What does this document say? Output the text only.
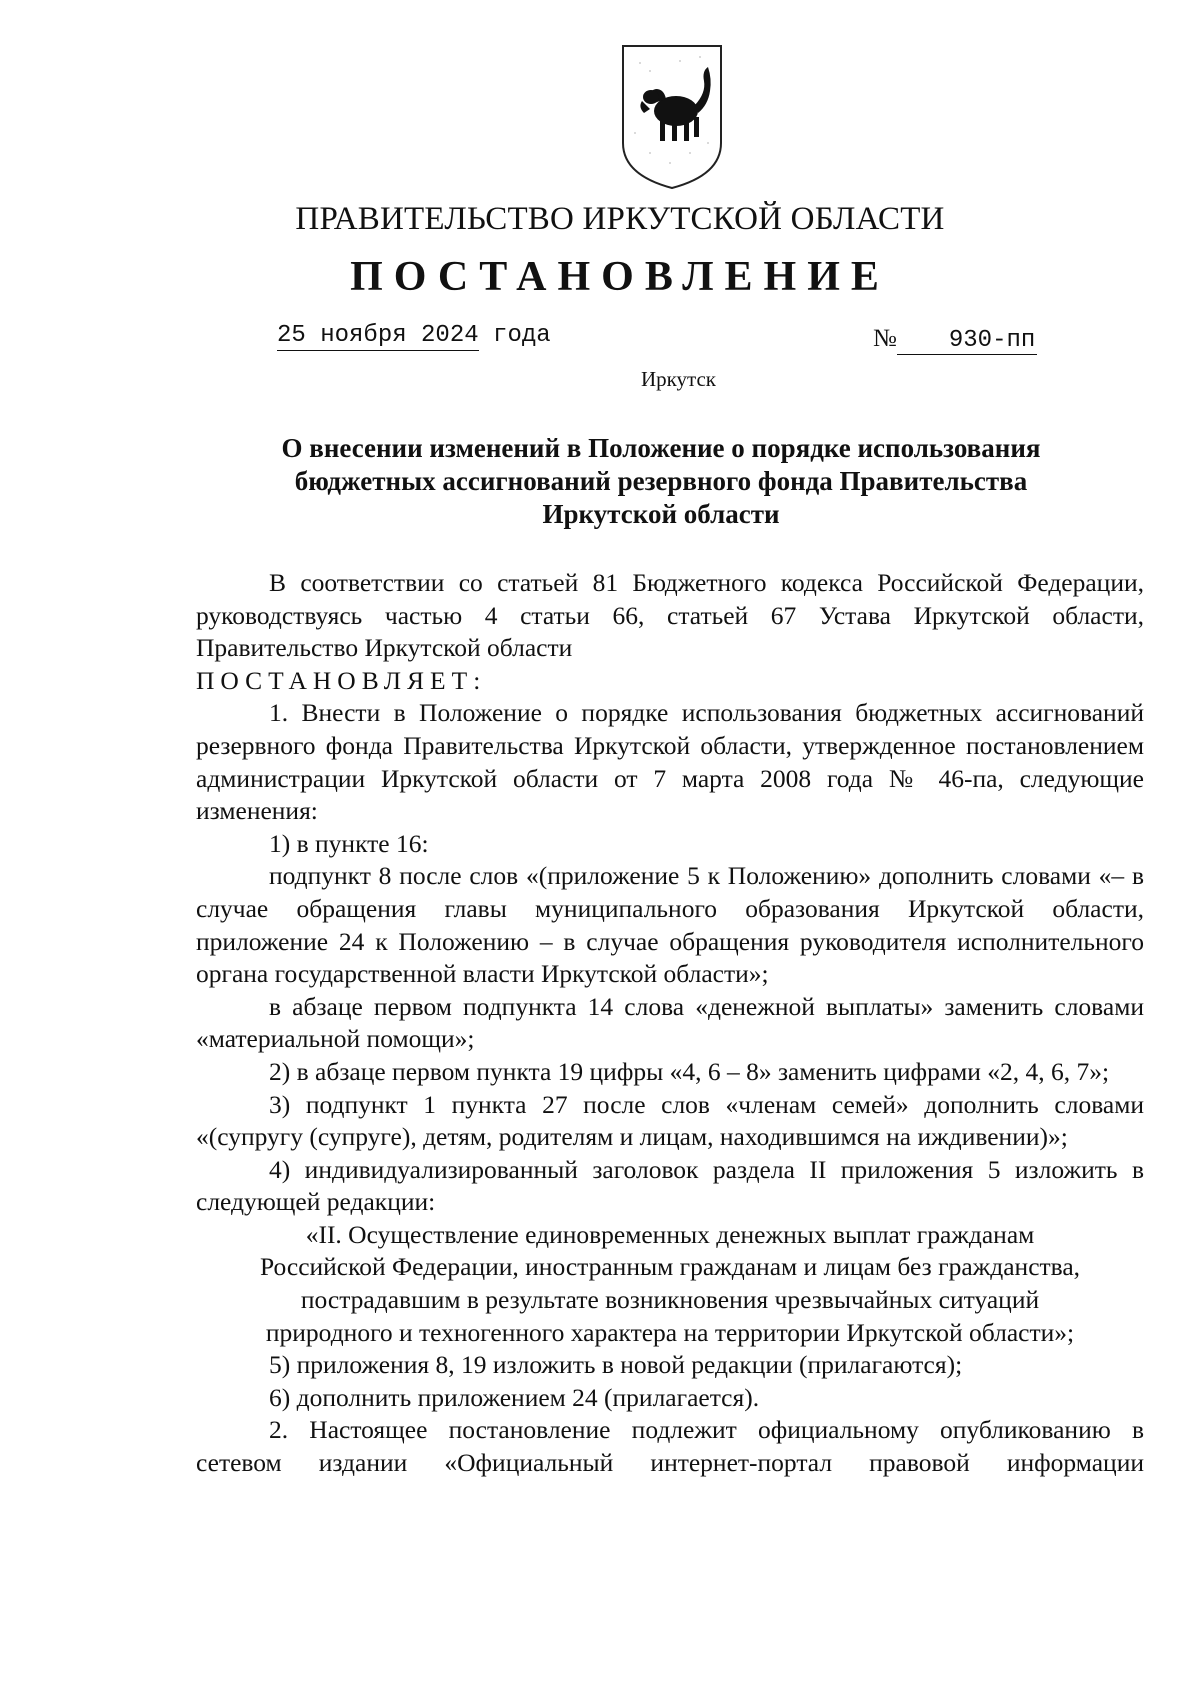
ПРАВИТЕЛЬСТВО ИРКУТСКОЙ ОБЛАСТИ
ПОСТАНОВЛЕНИЕ
25 ноября 2024 года	№ 930-пп
Иркутск
О внесении изменений в Положение о порядке использования
бюджетных ассигнований резервного фонда Правительства
Иркутской области

В соответствии со статьей 81 Бюджетного кодекса Российской Федерации, руководствуясь частью 4 статьи 66, статьей 67 Устава Иркутской области, Правительство Иркутской области

ПОСТАНОВЛЯЕТ:

1. Внести в Положение о порядке использования бюджетных ассигнований резервного фонда Правительства Иркутской области, утвержденное постановлением администрации Иркутской области от 7 марта 2008 года № 46-па, следующие изменения:

1) в пункте 16:

подпункт 8 после слов «(приложение 5 к Положению» дополнить словами «– в случае обращения главы муниципального образования Иркутской области, приложение 24 к Положению – в случае обращения руководителя исполнительного органа государственной власти Иркутской области»;

в абзаце первом подпункта 14 слова «денежной выплаты» заменить словами «материальной помощи»;

2) в абзаце первом пункта 19 цифры «4, 6 – 8» заменить цифрами «2, 4, 6, 7»;

3) подпункт 1 пункта 27 после слов «членам семей» дополнить словами «(супругу (супруге), детям, родителям и лицам, находившимся на иждивении)»;

4) индивидуализированный заголовок раздела II приложения 5 изложить в следующей редакции:

«II. Осуществление единовременных денежных выплат гражданам

Российской Федерации, иностранным гражданам и лицам без гражданства,

пострадавшим в результате возникновения чрезвычайных ситуаций

природного и техногенного характера на территории Иркутской области»;

5) приложения 8, 19 изложить в новой редакции (прилагаются);

6) дополнить приложением 24 (прилагается).

2. Настоящее постановление подлежит официальному опубликованию в сетевом издании «Официальный интернет-портал правовой информации
